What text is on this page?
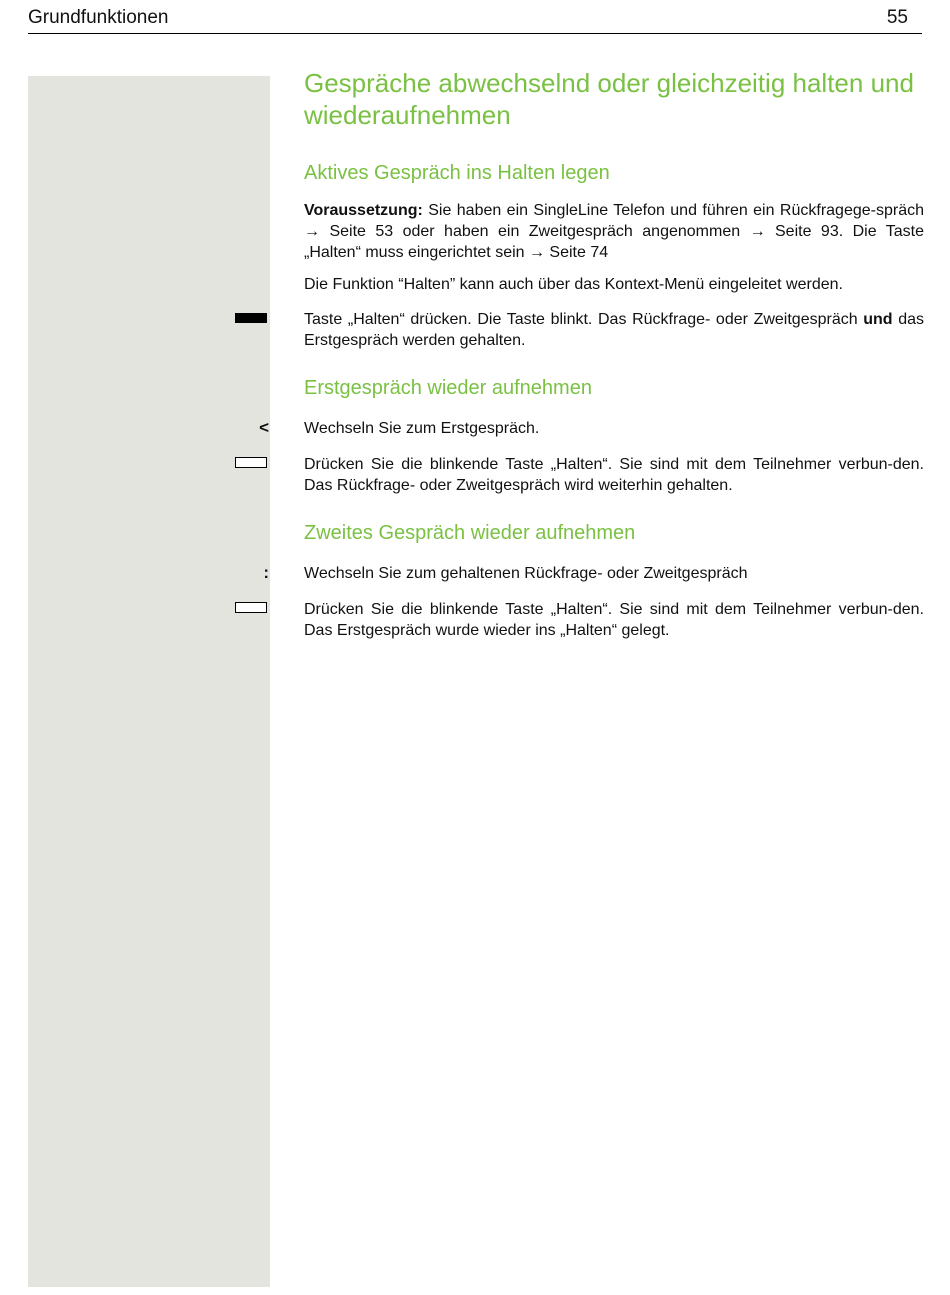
Grundfunktionen	55
Gespräche abwechselnd oder gleichzeitig halten und wiederaufnehmen
Aktives Gespräch ins Halten legen

Voraussetzung: Sie haben ein SingleLine Telefon und führen ein Rückfragege-spräch → Seite 53 oder haben ein Zweitgespräch angenommen → Seite 93. Die Taste „Halten“ muss eingerichtet sein → Seite 74

Die Funktion “Halten” kann auch über das Kontext-Menü eingeleitet werden.

Taste „Halten“ drücken. Die Taste blinkt. Das Rückfrage- oder Zweitgespräch und das Erstgespräch werden gehalten.

Erstgespräch wieder aufnehmen
< Wechseln Sie zum Erstgespräch.

Drücken Sie die blinkende Taste „Halten“. Sie sind mit dem Teilnehmer verbun-den. Das Rückfrage- oder Zweitgespräch wird weiterhin gehalten.

Zweites Gespräch wieder aufnehmen
: Wechseln Sie zum gehaltenen Rückfrage- oder Zweitgespräch

Drücken Sie die blinkende Taste „Halten“. Sie sind mit dem Teilnehmer verbun-den. Das Erstgespräch wurde wieder ins „Halten“ gelegt.
